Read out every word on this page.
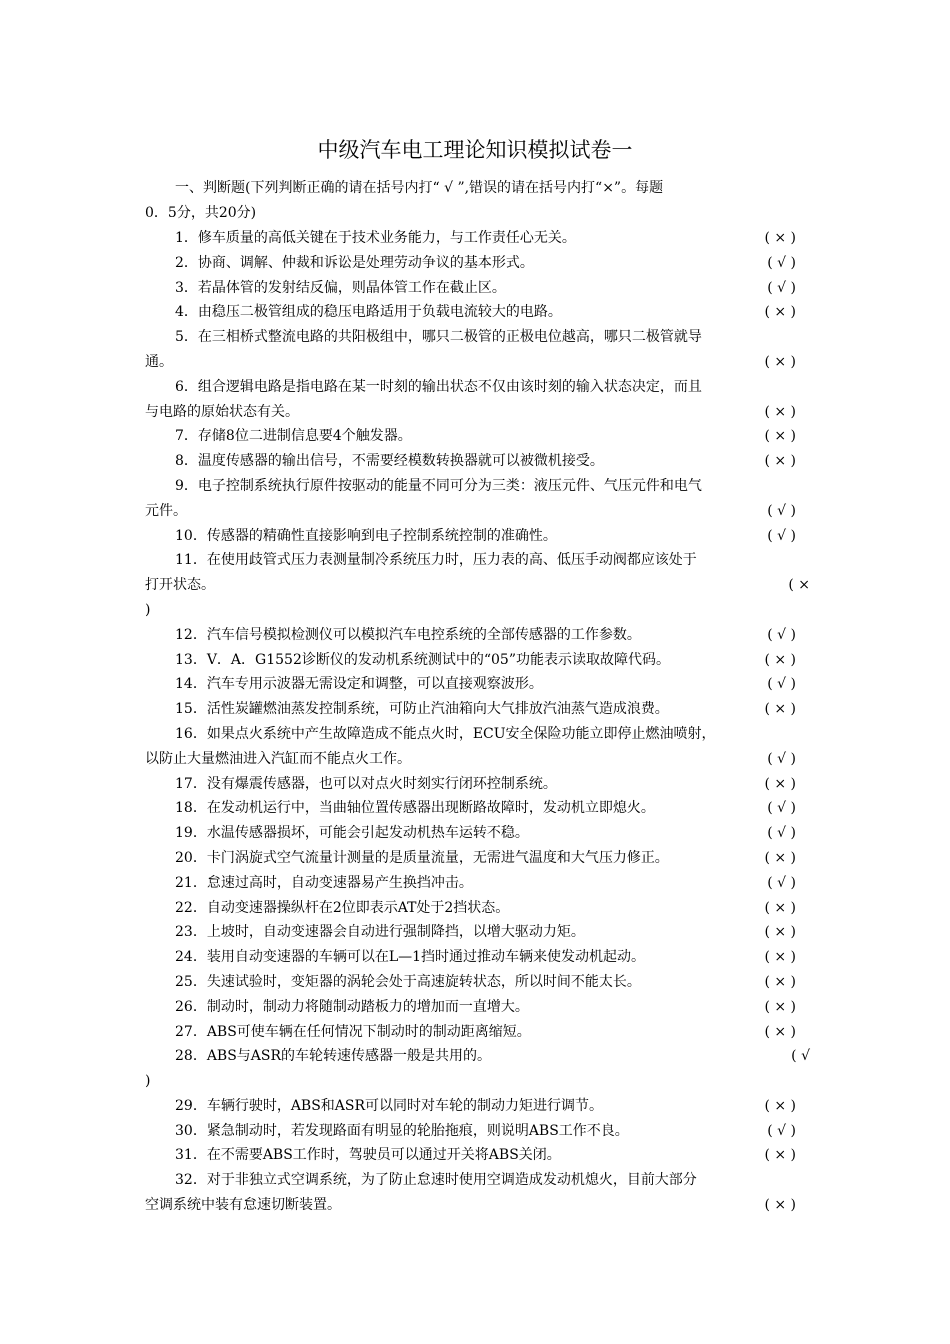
中级汽车电工理论知识模拟试卷一

一、判断题(下列判断正确的请在括号内打“ √ ”,错误的请在括号内打“×”。每题
0．5分，共20分)

1．修车质量的高低关键在于技术业务能力，与工作责任心无关。	( × )
2．协商、调解、仲裁和诉讼是处理劳动争议的基本形式。	( √ )
3．若晶体管的发射结反偏，则晶体管工作在截止区。	( √ )
4．由稳压二极管组成的稳压电路适用于负载电流较大的电路。	( × )
5．在三相桥式整流电路的共阳极组中，哪只二极管的正极电位越高，哪只二极管就导
通。	( × )
6．组合逻辑电路是指电路在某一时刻的输出状态不仅由该时刻的输入状态决定，而且
与电路的原始状态有关。	( × )
7．存储8位二进制信息要4个触发器。	( × )
8．温度传感器的输出信号，不需要经模数转换器就可以被微机接受。	( × )
9．电子控制系统执行原件按驱动的能量不同可分为三类：液压元件、气压元件和电气
元件。	( √ )
10．传感器的精确性直接影响到电子控制系统控制的准确性。	( √ )
11．在使用歧管式压力表测量制冷系统压力时，压力表的高、低压手动阀都应该处于
打开状态。	( ×
)
12．汽车信号模拟检测仪可以模拟汽车电控系统的全部传感器的工作参数。	( √ )
13．V．A．G1552诊断仪的发动机系统测试中的“05”功能表示读取故障代码。	( × )
14．汽车专用示波器无需设定和调整，可以直接观察波形。	( √ )
15．活性炭罐燃油蒸发控制系统，可防止汽油箱向大气排放汽油蒸气造成浪费。	( × )
16．如果点火系统中产生故障造成不能点火时，ECU安全保险功能立即停止燃油喷射，
以防止大量燃油进入汽缸而不能点火工作。	( √ )
17．没有爆震传感器，也可以对点火时刻实行闭环控制系统。	( × )
18．在发动机运行中，当曲轴位置传感器出现断路故障时，发动机立即熄火。	( √ )
19．水温传感器损坏，可能会引起发动机热车运转不稳。	( √ )
20．卡门涡旋式空气流量计测量的是质量流量，无需进气温度和大气压力修正。	( × )
21．怠速过高时，自动变速器易产生换挡冲击。	( √ )
22．自动变速器操纵杆在2位即表示AT处于2挡状态。	( × )
23．上坡时，自动变速器会自动进行强制降挡，以增大驱动力矩。	( × )
24．装用自动变速器的车辆可以在L—1挡时通过推动车辆来使发动机起动。	( × )
25．失速试验时，变矩器的涡轮会处于高速旋转状态，所以时间不能太长。	( × )
26．制动时，制动力将随制动踏板力的增加而一直增大。	( × )
27．ABS可使车辆在任何情况下制动时的制动距离缩短。	( × )
28．ABS与ASR的车轮转速传感器一般是共用的。	( √
)
29．车辆行驶时，ABS和ASR可以同时对车轮的制动力矩进行调节。	( × )
30．紧急制动时，若发现路面有明显的轮胎拖痕，则说明ABS工作不良。	( √ )
31．在不需要ABS工作时，驾驶员可以通过开关将ABS关闭。	( × )
32．对于非独立式空调系统，为了防止怠速时使用空调造成发动机熄火，目前大部分
空调系统中装有怠速切断装置。	( × )
